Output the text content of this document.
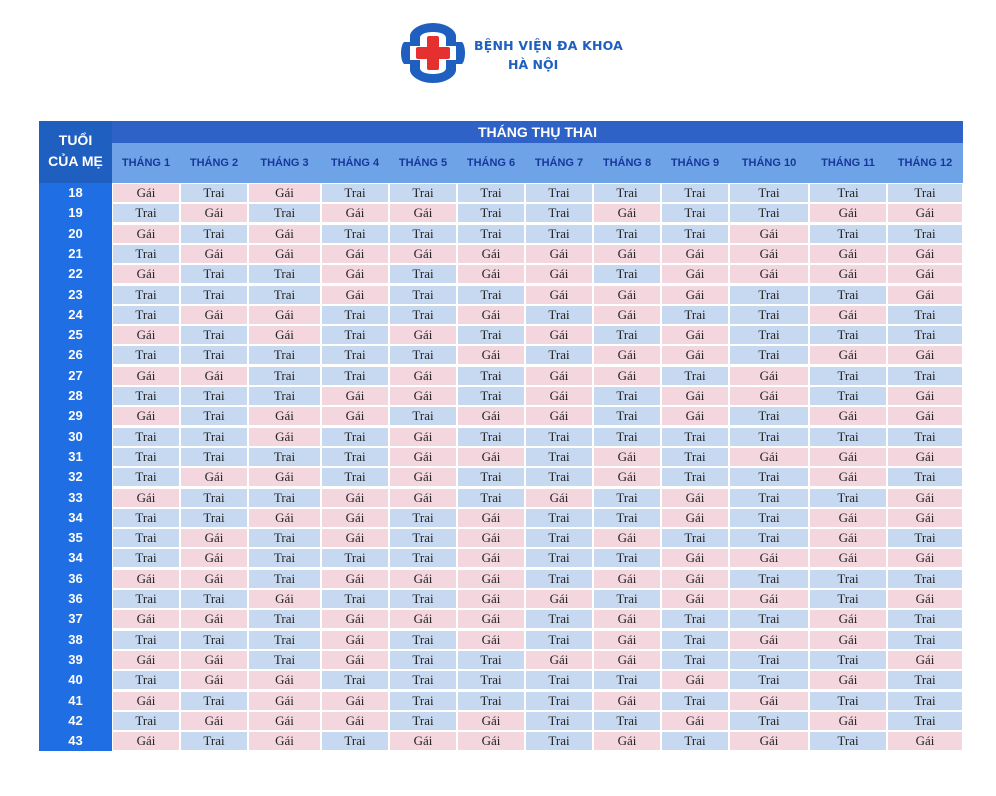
BỆNH VIỆN ĐA KHOA
HÀ NỘI
TUỔI
CỦA MẸ
THÁNG THỤ THAI
THÁNG 1	THÁNG 2	THÁNG 3	THÁNG 4	THÁNG 5	THÁNG 6	THÁNG 7	THÁNG 8	THÁNG 9	THÁNG 10	THÁNG 11	THÁNG 12
18	Gái	Trai	Gái	Trai	Trai	Trai	Trai	Trai	Trai	Trai	Trai	Trai
19	Trai	Gái	Trai	Gái	Gái	Trai	Trai	Gái	Trai	Trai	Gái	Gái
20	Gái	Trai	Gái	Trai	Trai	Trai	Trai	Trai	Trai	Gái	Trai	Trai
21	Trai	Gái	Gái	Gái	Gái	Gái	Gái	Gái	Gái	Gái	Gái	Gái
22	Gái	Trai	Trai	Gái	Trai	Gái	Gái	Trai	Gái	Gái	Gái	Gái
23	Trai	Trai	Trai	Gái	Trai	Trai	Gái	Gái	Gái	Trai	Trai	Gái
24	Trai	Gái	Gái	Trai	Trai	Gái	Trai	Gái	Trai	Trai	Gái	Trai
25	Gái	Trai	Gái	Trai	Gái	Trai	Gái	Trai	Gái	Trai	Trai	Trai
26	Trai	Trai	Trai	Trai	Trai	Gái	Trai	Gái	Gái	Trai	Gái	Gái
27	Gái	Gái	Trai	Trai	Gái	Trai	Gái	Gái	Trai	Gái	Trai	Trai
28	Trai	Trai	Trai	Gái	Gái	Trai	Gái	Trai	Gái	Gái	Trai	Gái
29	Gái	Trai	Gái	Gái	Trai	Gái	Gái	Trai	Gái	Trai	Gái	Gái
30	Trai	Trai	Gái	Trai	Gái	Trai	Trai	Trai	Trai	Trai	Trai	Trai
31	Trai	Trai	Trai	Trai	Gái	Gái	Trai	Gái	Trai	Gái	Gái	Gái
32	Trai	Gái	Gái	Trai	Gái	Trai	Trai	Gái	Trai	Trai	Gái	Trai
33	Gái	Trai	Trai	Gái	Gái	Trai	Gái	Trai	Gái	Trai	Trai	Gái
34	Trai	Trai	Gái	Gái	Trai	Gái	Trai	Trai	Gái	Trai	Gái	Gái
35	Trai	Gái	Trai	Gái	Trai	Gái	Trai	Gái	Trai	Trai	Gái	Trai
34	Trai	Gái	Trai	Trai	Trai	Gái	Trai	Trai	Gái	Gái	Gái	Gái
36	Gái	Gái	Trai	Gái	Gái	Gái	Trai	Gái	Gái	Trai	Trai	Trai
36	Trai	Trai	Gái	Trai	Trai	Gái	Gái	Trai	Gái	Gái	Trai	Gái
37	Gái	Gái	Trai	Gái	Gái	Gái	Trai	Gái	Trai	Trai	Gái	Trai
38	Trai	Trai	Trai	Gái	Trai	Gái	Trai	Gái	Trai	Gái	Gái	Trai
39	Gái	Gái	Trai	Gái	Trai	Trai	Gái	Gái	Trai	Trai	Trai	Gái
40	Trai	Gái	Gái	Trai	Trai	Trai	Trai	Trai	Gái	Trai	Gái	Trai
41	Gái	Trai	Gái	Gái	Trai	Trai	Trai	Gái	Trai	Gái	Trai	Trai
42	Trai	Gái	Gái	Gái	Trai	Gái	Trai	Trai	Gái	Trai	Gái	Trai
43	Gái	Trai	Gái	Trai	Gái	Gái	Trai	Gái	Trai	Gái	Trai	Gái
